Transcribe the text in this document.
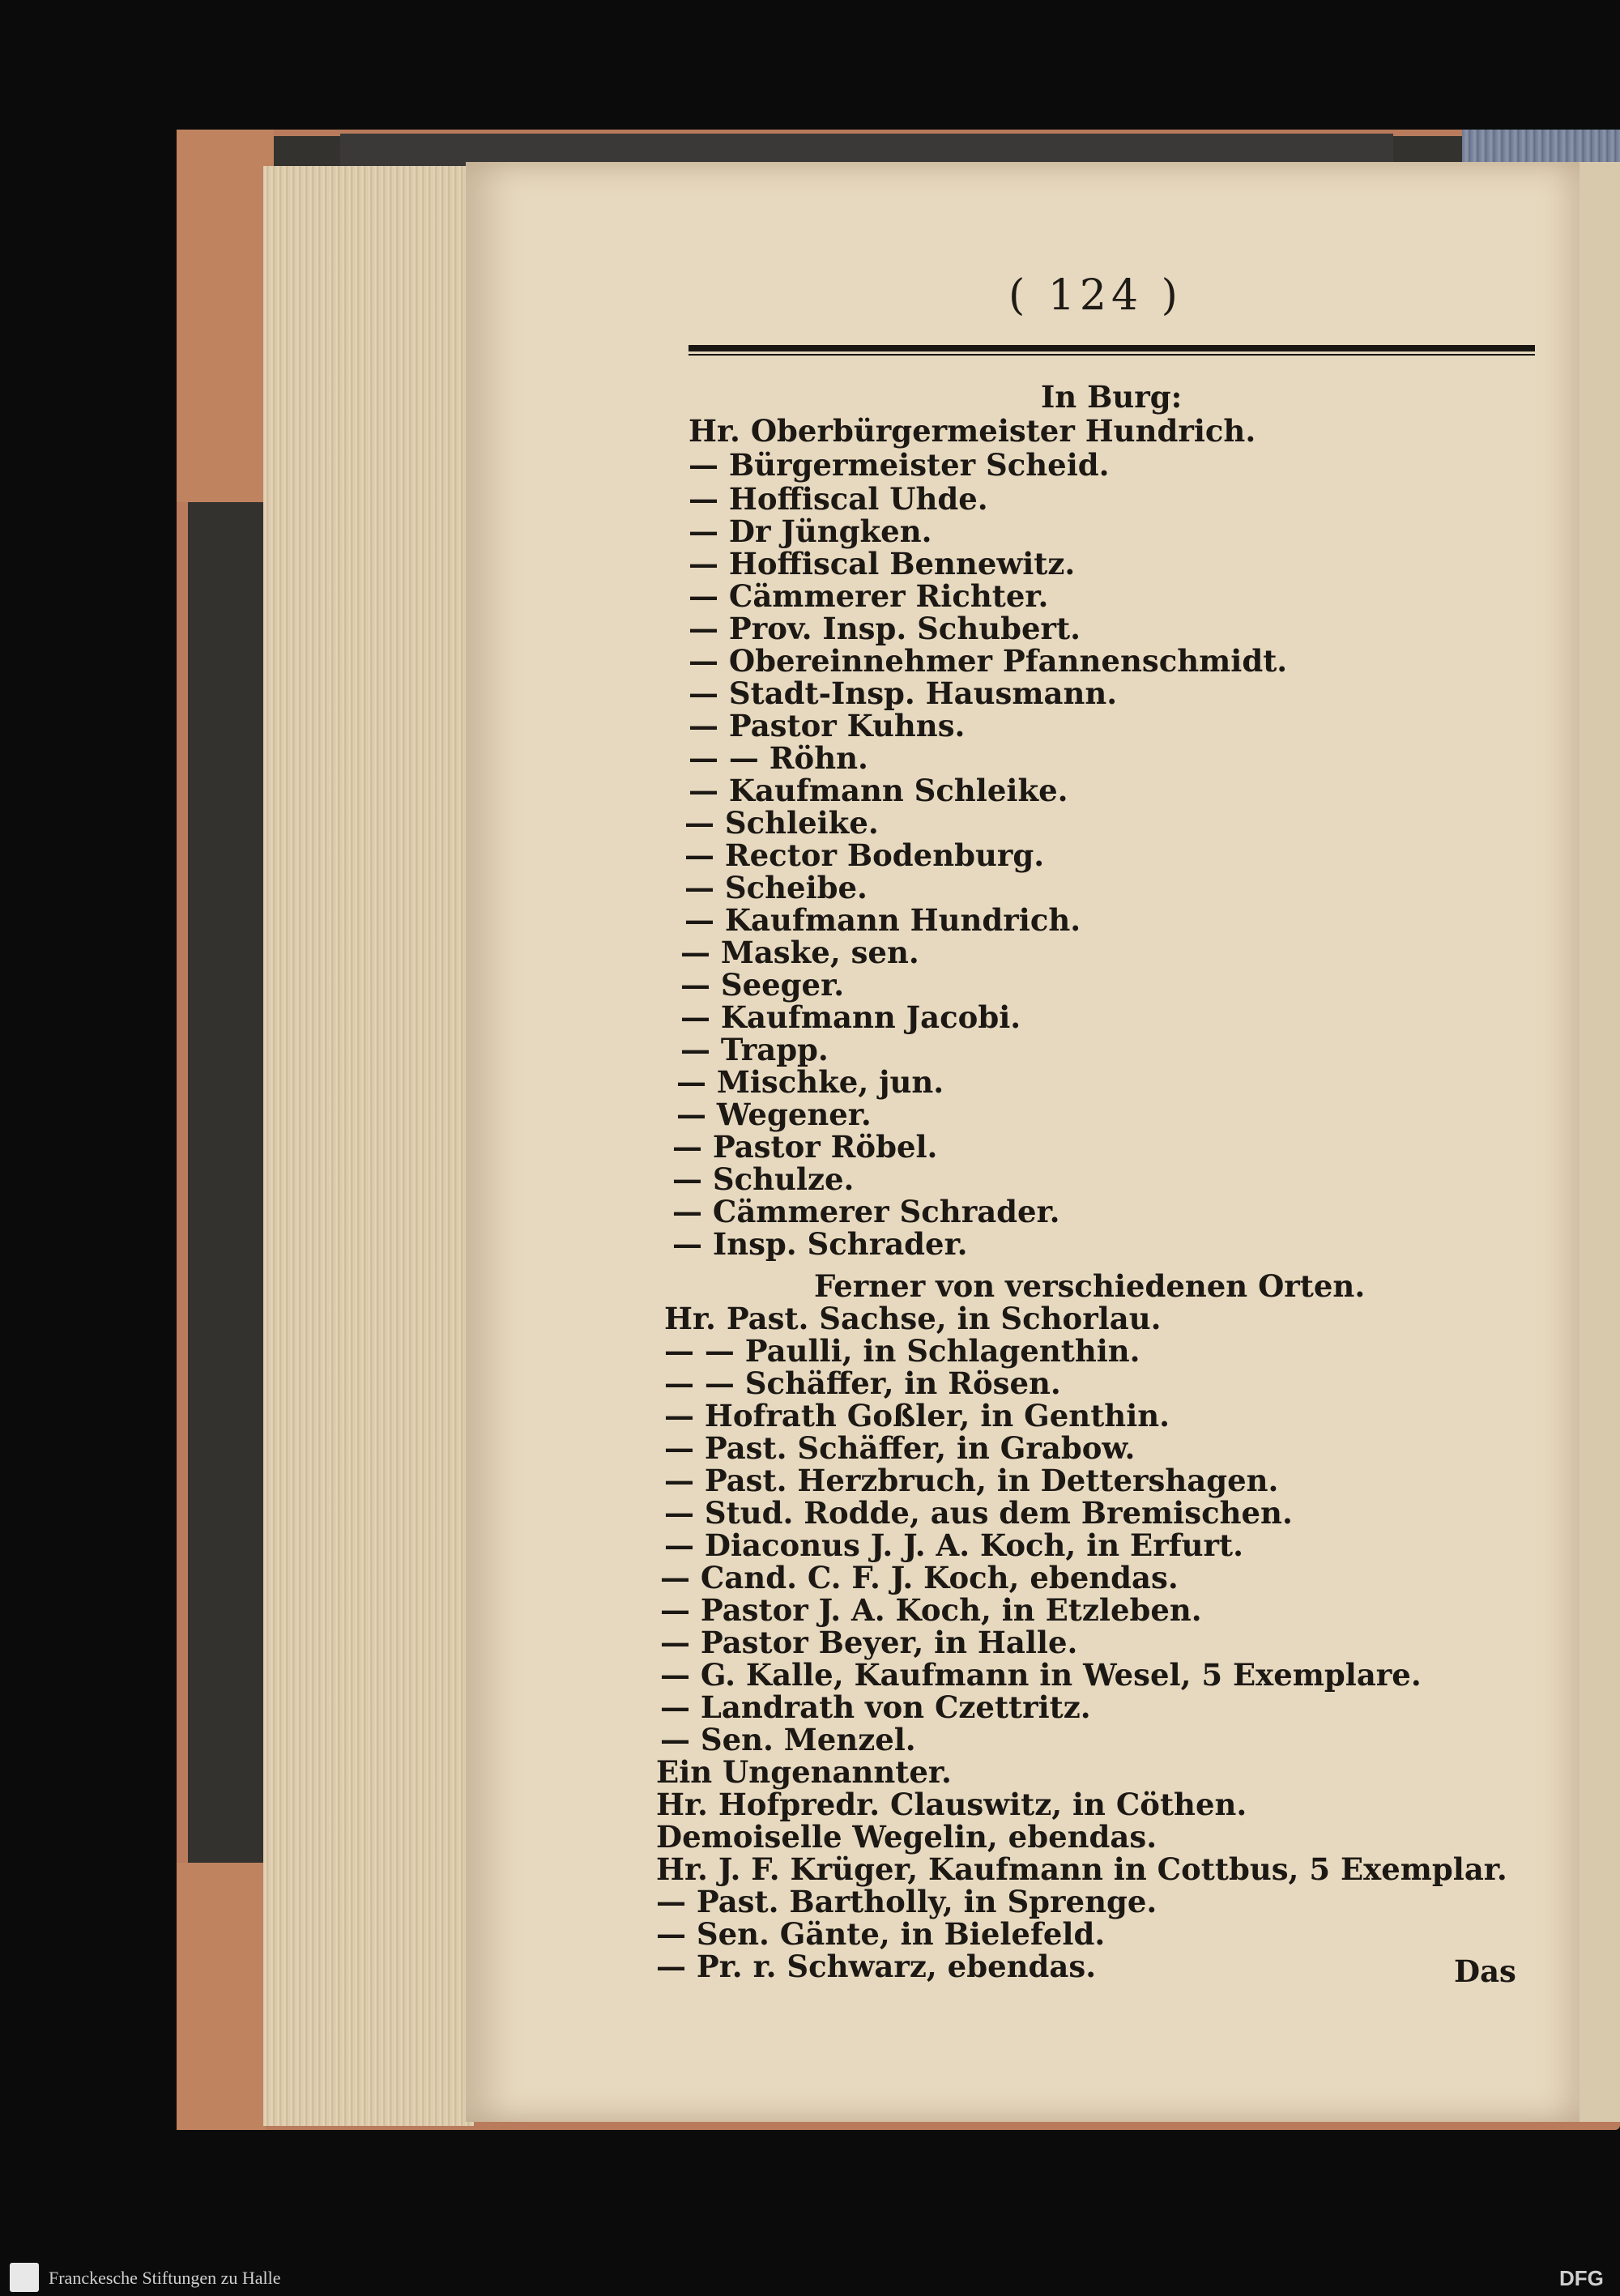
( 124 )
In Burg:
Hr. Oberbürgermeister Hundrich.
— Bürgermeister Scheid.
— Hoffiscal Uhde.
— Dr Jüngken.
— Hoffiscal Bennewitz.
— Cämmerer Richter.
— Prov. Insp. Schubert.
— Obereinnehmer Pfannenschmidt.
— Stadt-Insp. Hausmann.
— Pastor Kuhns.
— — Röhn.
— Kaufmann Schleike.
— Schleike.
— Rector Bodenburg.
— Scheibe.
— Kaufmann Hundrich.
— Maske, sen.
— Seeger.
— Kaufmann Jacobi.
— Trapp.
— Mischke, jun.
— Wegener.
— Pastor Röbel.
— Schulze.
— Cämmerer Schrader.
— Insp. Schrader.
Ferner von verschiedenen Orten.
Hr. Past. Sachse, in Schorlau.
— — Paulli, in Schlagenthin.
— — Schäffer, in Rösen.
— Hofrath Goßler, in Genthin.
— Past. Schäffer, in Grabow.
— Past. Herzbruch, in Dettershagen.
— Stud. Rodde, aus dem Bremischen.
— Diaconus J. J. A. Koch, in Erfurt.
— Cand. C. F. J. Koch, ebendas.
— Pastor J. A. Koch, in Etzleben.
— Pastor Beyer, in Halle.
— G. Kalle, Kaufmann in Wesel, 5 Exemplare.
— Landrath von Czettritz.
— Sen. Menzel.
Ein Ungenannter.
Hr. Hofpredr. Clauswitz, in Cöthen.
Demoiselle Wegelin, ebendas.
Hr. J. F. Krüger, Kaufmann in Cottbus, 5 Exemplar.
— Past. Bartholly, in Sprenge.
— Sen. Gänte, in Bielefeld.
— Pr. r. Schwarz, ebendas.	Das
Franckesche Stiftungen zu Halle	DFG
